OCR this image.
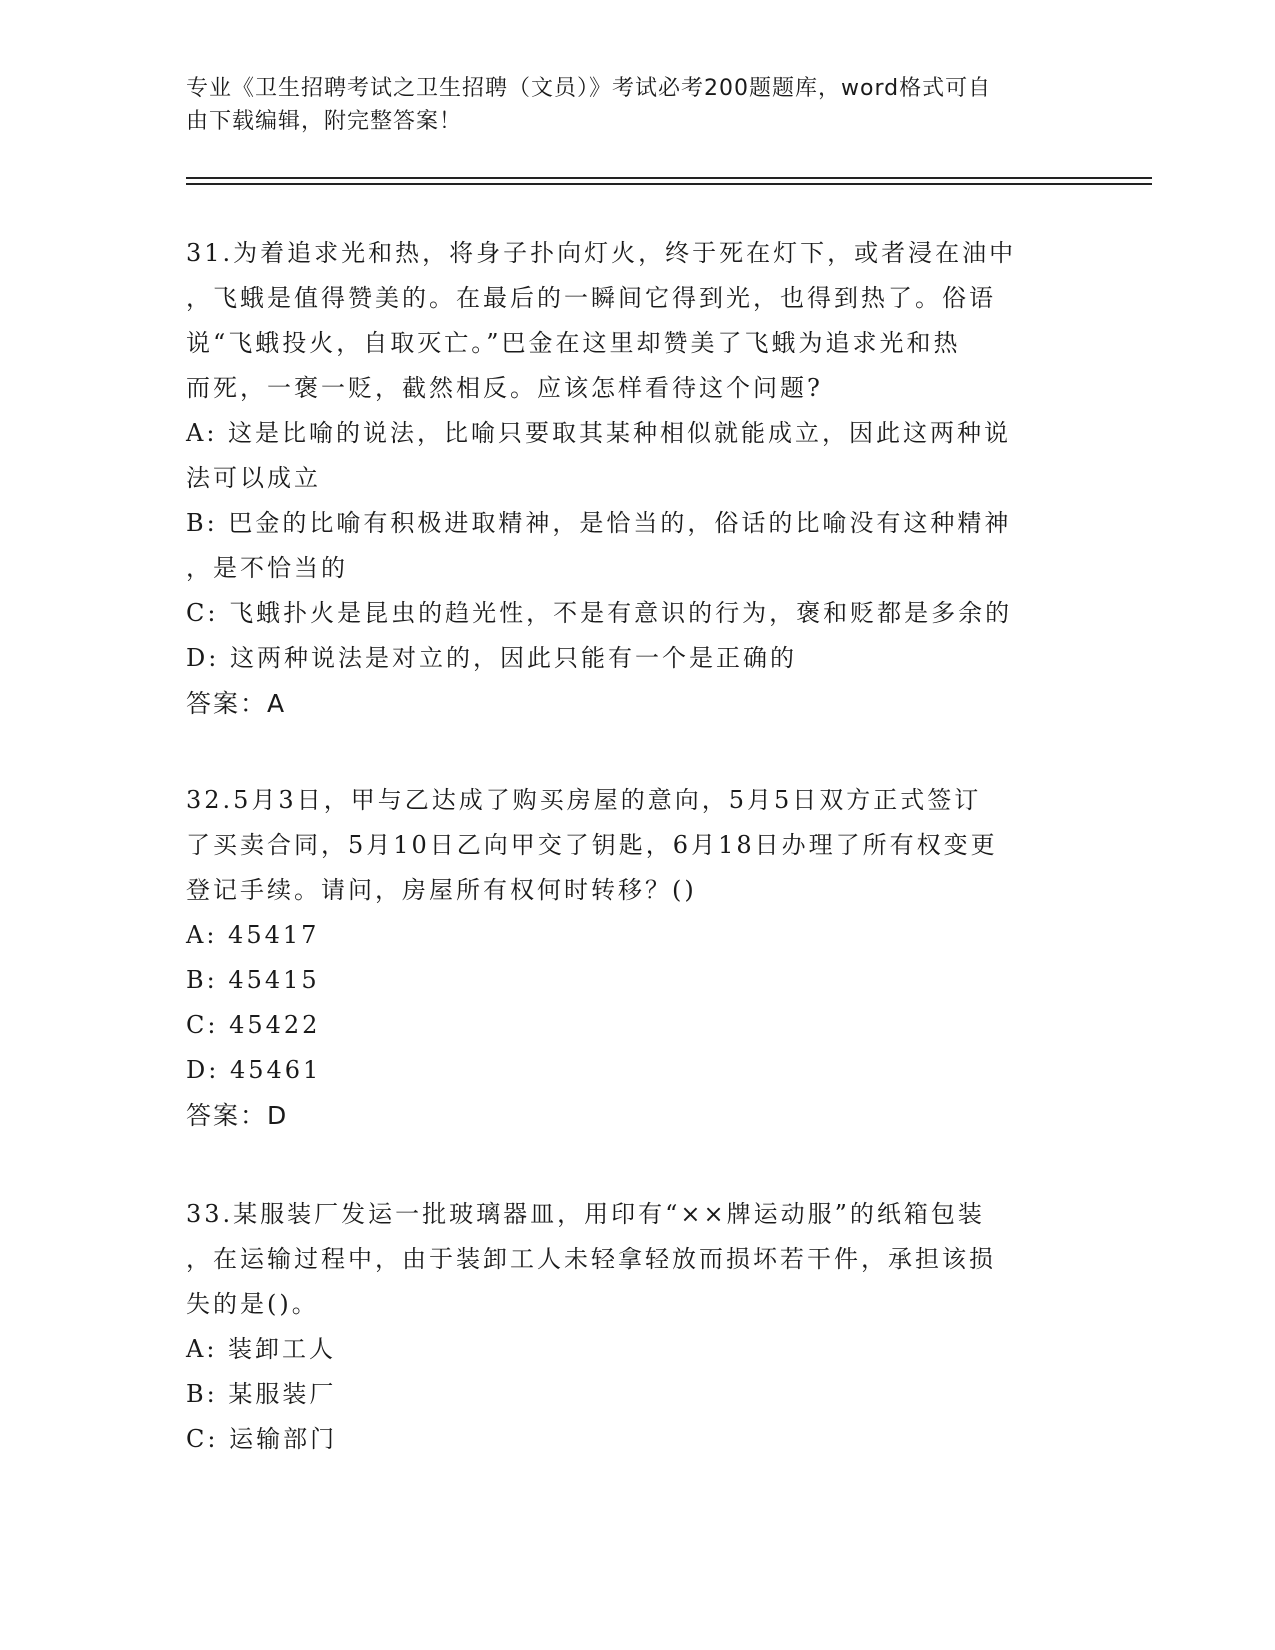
专业《卫生招聘考试之卫生招聘（文员）》考试必考200题题库，word格式可自
由下载编辑，附完整答案！

31.为着追求光和热，将身子扑向灯火，终于死在灯下，或者浸在油中

，飞蛾是值得赞美的。在最后的一瞬间它得到光，也得到热了。俗语

说“飞蛾投火，自取灭亡。”巴金在这里却赞美了飞蛾为追求光和热

而死，一褒一贬，截然相反。应该怎样看待这个问题?

A: 这是比喻的说法，比喻只要取其某种相似就能成立，因此这两种说

法可以成立

B: 巴金的比喻有积极进取精神，是恰当的，俗话的比喻没有这种精神

，是不恰当的

C: 飞蛾扑火是昆虫的趋光性，不是有意识的行为，褒和贬都是多余的

D: 这两种说法是对立的，因此只能有一个是正确的

答案：A

32.5月3日，甲与乙达成了购买房屋的意向，5月5日双方正式签订

了买卖合同，5月10日乙向甲交了钥匙，6月18日办理了所有权变更

登记手续。请问，房屋所有权何时转移？()

A: 45417

B: 45415

C: 45422

D: 45461

答案：D

33.某服装厂发运一批玻璃器皿，用印有“××牌运动服”的纸箱包装

，在运输过程中，由于装卸工人未轻拿轻放而损坏若干件，承担该损

失的是()。

A: 装卸工人

B: 某服装厂

C: 运输部门
